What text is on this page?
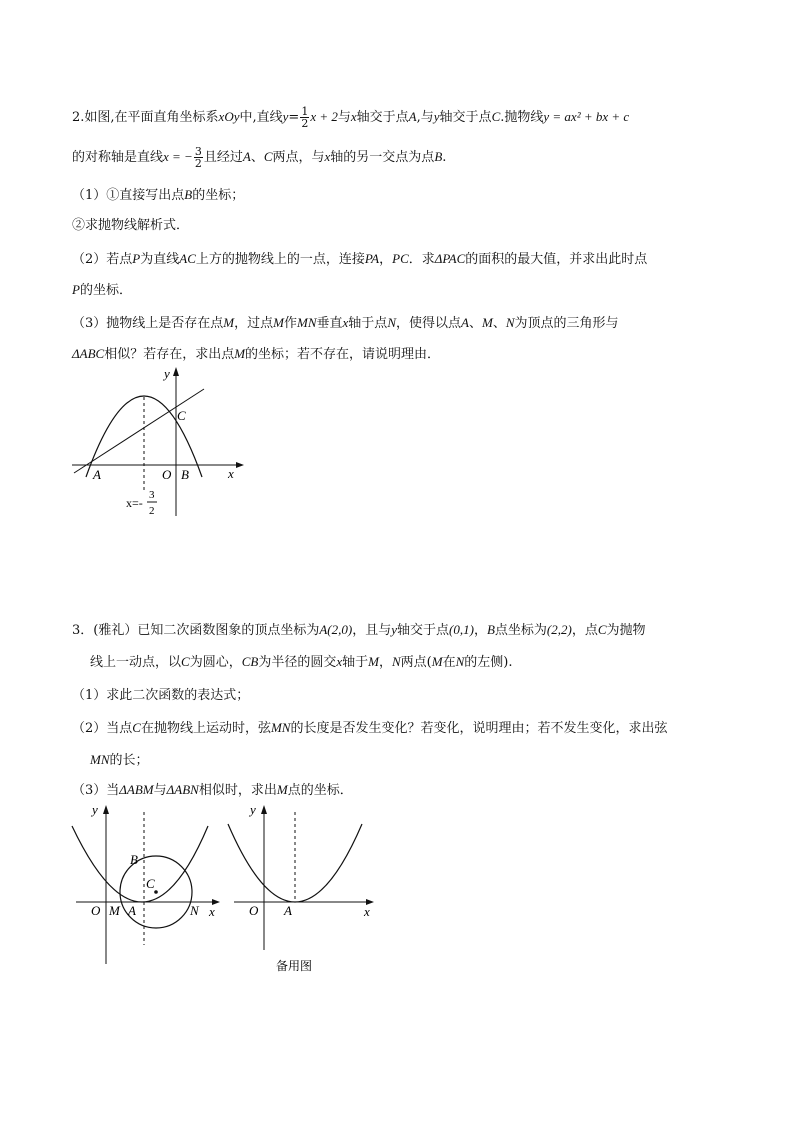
2.如图,在平面直角坐标系xOy中,直线$y= \frac{1}{2}$ x + 2与x轴交于点A,与y轴交于点C.抛物线y = ax² + bx + c
的对称轴是直线x = − $\frac{3}{2}$ 且经过A、C两点，与x轴的另一交点为点B.
（1）①直接写出点B的坐标；
②求抛物线解析式．
（2）若点P为直线AC上方的抛物线上的一点，连接PA，PC．求ΔPAC的面积的最大值，并求出此时点
P的坐标．
（3）抛物线上是否存在点M，过点M作MN垂直x轴于点N，使得以点A、M、N为顶点的三角形与
ΔABC相似？若存在，求出点M的坐标；若不存在，请说明理由．
y
x
C
O
A	B
x=-
3
2
3．(雅礼）已知二次函数图象的顶点坐标为A(2,0)，且与y轴交于点(0,1)，B点坐标为(2,2)，点C为抛物
线上一动点，以C为圆心，CB为半径的圆交x轴于M，N两点(M在N的左侧).
（1）求此二次函数的表达式；
（2）当点C在抛物线上运动时，弦MN的长度是否发生变化？若变化，说明理由；若不发生变化，求出弦
MN的长；
（3）当ΔABM与ΔABN相似时，求出M点的坐标．
y
x
B
C
O M A	N
y
x
O A
备用图
